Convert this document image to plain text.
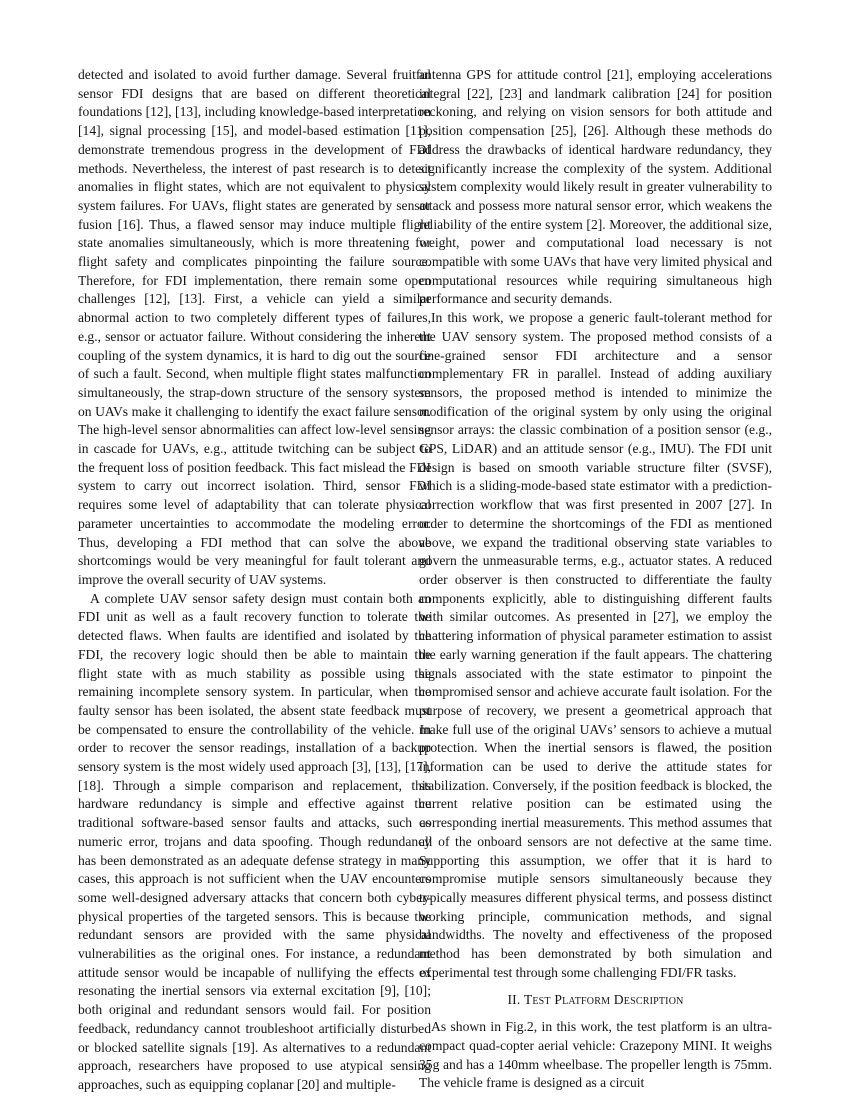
detected and isolated to avoid further damage. Several fruitful sensor FDI designs that are based on different theoretical foundations [12], [13], including knowledge-based interpretation [14], signal processing [15], and model-based estimation [11], demonstrate tremendous progress in the development of FDI methods. Nevertheless, the interest of past research is to detect anomalies in flight states, which are not equivalent to physical system failures. For UAVs, flight states are generated by sensor fusion [16]. Thus, a flawed sensor may induce multiple flight state anomalies simultaneously, which is more threatening for flight safety and complicates pinpointing the failure source. Therefore, for FDI implementation, there remain some open challenges [12], [13]. First, a vehicle can yield a similar abnormal action to two completely different types of failures, e.g., sensor or actuator failure. Without considering the inherent coupling of the system dynamics, it is hard to dig out the source of such a fault. Second, when multiple flight states malfunction simultaneously, the strap-down structure of the sensory system on UAVs make it challenging to identify the exact failure sensor. The high-level sensor abnormalities can affect low-level sensing in cascade for UAVs, e.g., attitude twitching can be subject to the frequent loss of position feedback. This fact mislead the FDI system to carry out incorrect isolation. Third, sensor FDI requires some level of adaptability that can tolerate physical parameter uncertainties to accommodate the modeling error. Thus, developing a FDI method that can solve the above shortcomings would be very meaningful for fault tolerant and improve the overall security of UAV systems.

A complete UAV sensor safety design must contain both an FDI unit as well as a fault recovery function to tolerate the detected flaws. When faults are identified and isolated by the FDI, the recovery logic should then be able to maintain the flight state with as much stability as possible using the remaining incomplete sensory system. In particular, when the faulty sensor has been isolated, the absent state feedback must be compensated to ensure the controllability of the vehicle. In order to recover the sensor readings, installation of a backup sensory system is the most widely used approach [3], [13], [17], [18]. Through a simple comparison and replacement, this hardware redundancy is simple and effective against the traditional software-based sensor faults and attacks, such as numeric error, trojans and data spoofing. Though redundancy has been demonstrated as an adequate defense strategy in many cases, this approach is not sufficient when the UAV encounters some well-designed adversary attacks that concern both cyber-physical properties of the targeted sensors. This is because the redundant sensors are provided with the same physical vulnerabilities as the original ones. For instance, a redundant attitude sensor would be incapable of nullifying the effects of resonating the inertial sensors via external excitation [9], [10]; both original and redundant sensors would fail. For position feedback, redundancy cannot troubleshoot artificially disturbed or blocked satellite signals [19]. As alternatives to a redundant approach, researchers have proposed to use atypical sensing approaches, such as equipping coplanar [20] and multiple-

antenna GPS for attitude control [21], employing accelerations integral [22], [23] and landmark calibration [24] for position reckoning, and relying on vision sensors for both attitude and position compensation [25], [26]. Although these methods do address the drawbacks of identical hardware redundancy, they significantly increase the complexity of the system. Additional system complexity would likely result in greater vulnerability to attack and possess more natural sensor error, which weakens the reliability of the entire system [2]. Moreover, the additional size, weight, power and computational load necessary is not compatible with some UAVs that have very limited physical and computational resources while requiring simultaneous high performance and security demands.

In this work, we propose a generic fault-tolerant method for the UAV sensory system. The proposed method consists of a fine-grained sensor FDI architecture and a sensor complementary FR in parallel. Instead of adding auxiliary sensors, the proposed method is intended to minimize the modification of the original system by only using the original sensor arrays: the classic combination of a position sensor (e.g., GPS, LiDAR) and an attitude sensor (e.g., IMU). The FDI unit design is based on smooth variable structure filter (SVSF), which is a sliding-mode-based state estimator with a prediction-correction workflow that was first presented in 2007 [27]. In order to determine the shortcomings of the FDI as mentioned above, we expand the traditional observing state variables to govern the unmeasurable terms, e.g., actuator states. A reduced order observer is then constructed to differentiate the faulty components explicitly, able to distinguishing different faults with similar outcomes. As presented in [27], we employ the chattering information of physical parameter estimation to assist the early warning generation if the fault appears. The chattering signals associated with the state estimator to pinpoint the compromised sensor and achieve accurate fault isolation. For the purpose of recovery, we present a geometrical approach that make full use of the original UAVs’ sensors to achieve a mutual protection. When the inertial sensors is flawed, the position information can be used to derive the attitude states for stabilization. Conversely, if the position feedback is blocked, the current relative position can be estimated using the corresponding inertial measurements. This method assumes that all of the onboard sensors are not defective at the same time. Supporting this assumption, we offer that it is hard to compromise mutiple sensors simultaneously because they typically measures different physical terms, and possess distinct working principle, communication methods, and signal bandwidths. The novelty and effectiveness of the proposed method has been demonstrated by both simulation and experimental test through some challenging FDI/FR tasks.

II. Test Platform Description

As shown in Fig.2, in this work, the test platform is an ultra-compact quad-copter aerial vehicle: Crazepony MINI. It weighs 35g and has a 140mm wheelbase. The propeller length is 75mm. The vehicle frame is designed as a circuit
